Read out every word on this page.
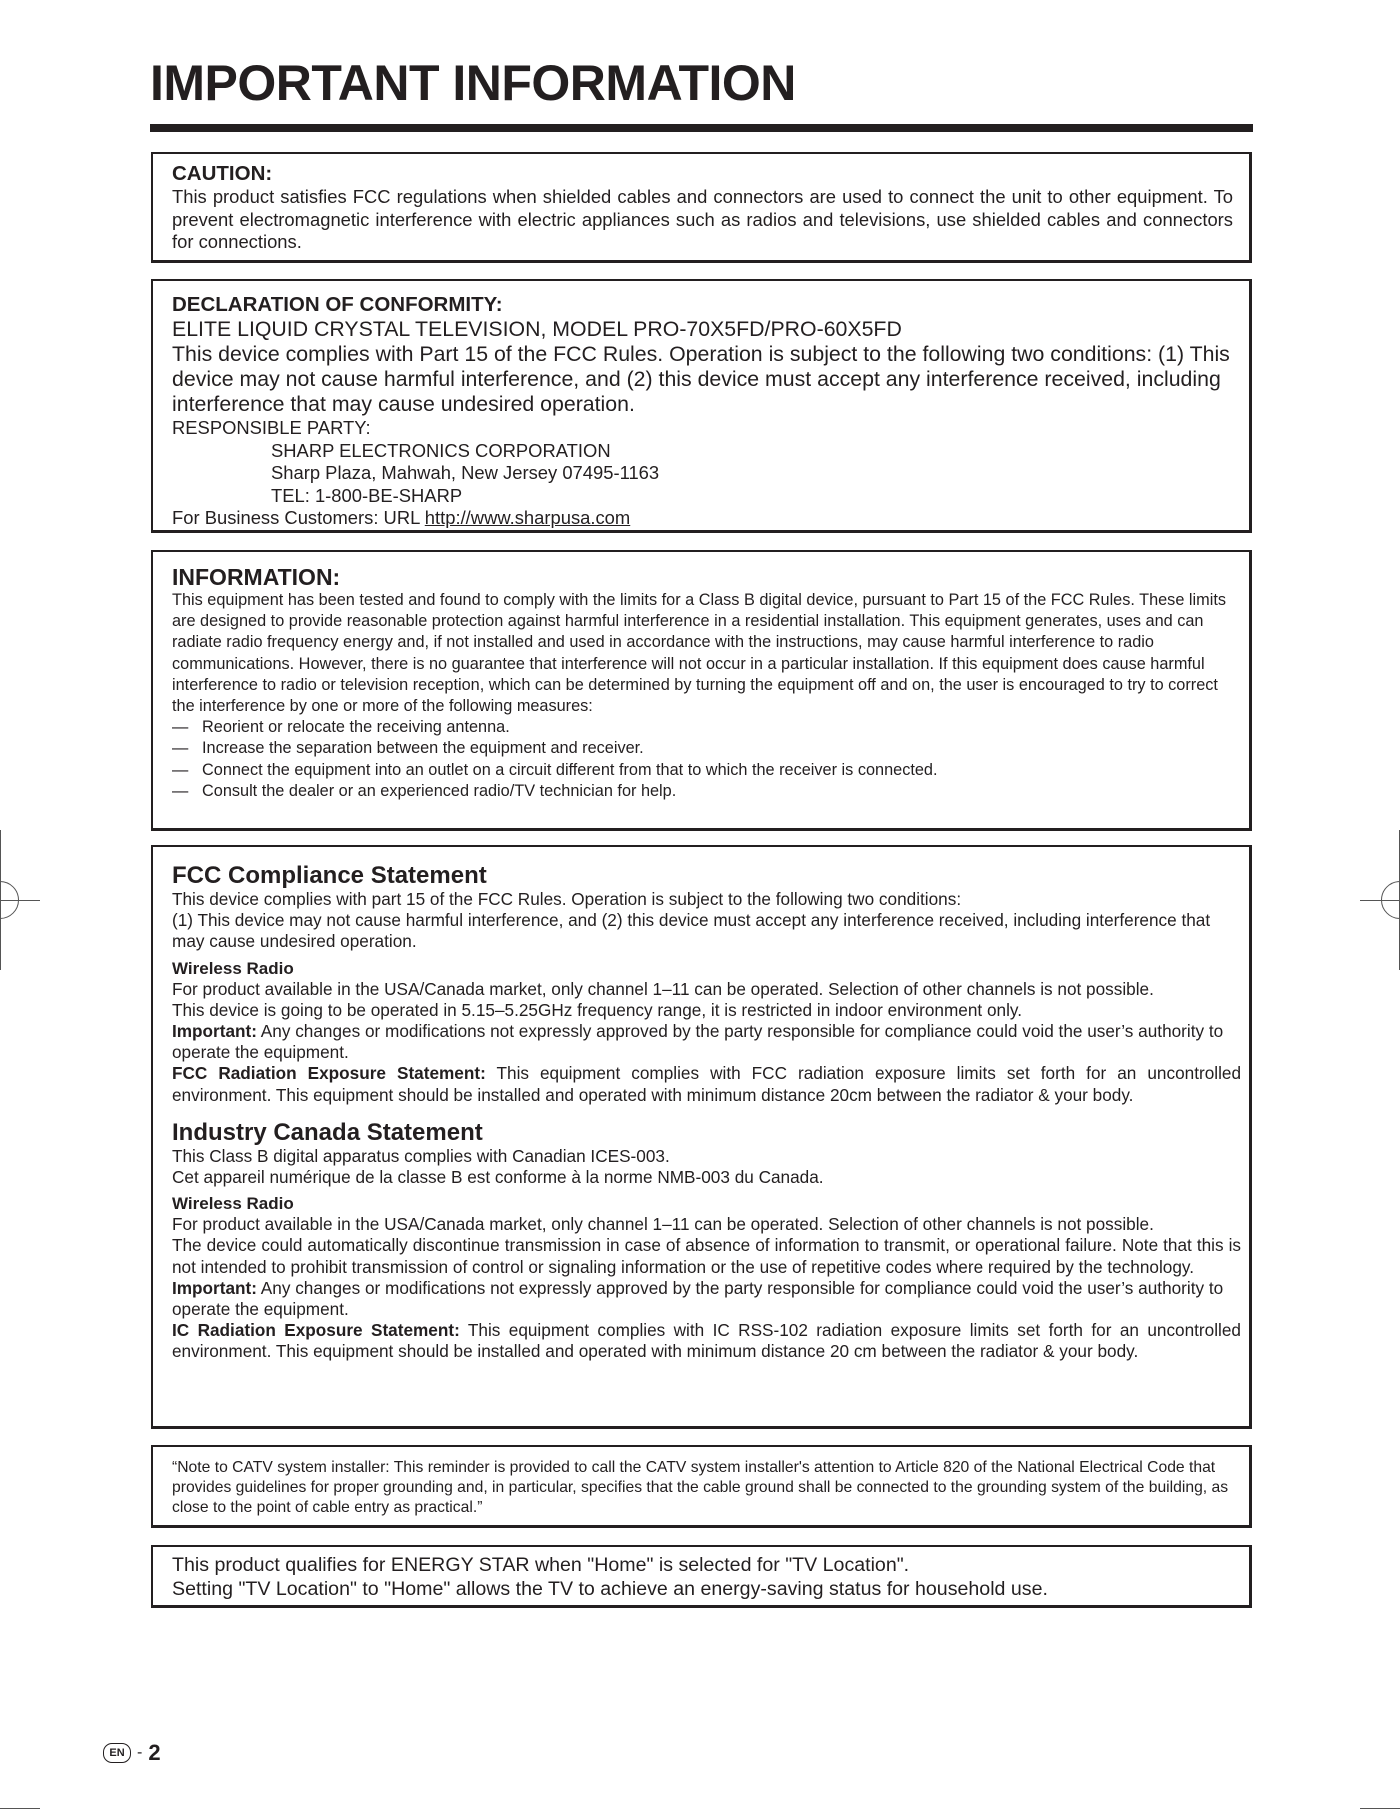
IMPORTANT INFORMATION

CAUTION:

This product satisfies FCC regulations when shielded cables and connectors are used to connect the unit to other equipment. To prevent electromagnetic interference with electric appliances such as radios and televisions, use shielded cables and connectors for connections.

DECLARATION OF CONFORMITY:

ELITE LIQUID CRYSTAL TELEVISION, MODEL PRO-70X5FD/PRO-60X5FD

This device complies with Part 15 of the FCC Rules. Operation is subject to the following two conditions: (1) This device may not cause harmful interference, and (2) this device must accept any interference received, including interference that may cause undesired operation.

RESPONSIBLE PARTY:

SHARP ELECTRONICS CORPORATION

Sharp Plaza, Mahwah, New Jersey 07495-1163

TEL: 1-800-BE-SHARP

For Business Customers: URL http://www.sharpusa.com

INFORMATION:

This equipment has been tested and found to comply with the limits for a Class B digital device, pursuant to Part 15 of the FCC Rules. These limits are designed to provide reasonable protection against harmful interference in a residential installation. This equipment generates, uses and can radiate radio frequency energy and, if not installed and used in accordance with the instructions, may cause harmful interference to radio communications. However, there is no guarantee that interference will not occur in a particular installation. If this equipment does cause harmful interference to radio or television reception, which can be determined by turning the equipment off and on, the user is encouraged to try to correct the interference by one or more of the following measures:

— Reorient or relocate the receiving antenna.

— Increase the separation between the equipment and receiver.

— Connect the equipment into an outlet on a circuit different from that to which the receiver is connected.

— Consult the dealer or an experienced radio/TV technician for help.

FCC Compliance Statement

This device complies with part 15 of the FCC Rules. Operation is subject to the following two conditions:

(1) This device may not cause harmful interference, and (2) this device must accept any interference received, including interference that may cause undesired operation.

Wireless Radio

For product available in the USA/Canada market, only channel 1–11 can be operated. Selection of other channels is not possible.

This device is going to be operated in 5.15–5.25GHz frequency range, it is restricted in indoor environment only.

Important: Any changes or modifications not expressly approved by the party responsible for compliance could void the user’s authority to operate the equipment.

FCC Radiation Exposure Statement: This equipment complies with FCC radiation exposure limits set forth for an uncontrolled environment. This equipment should be installed and operated with minimum distance 20cm between the radiator & your body.

Industry Canada Statement

This Class B digital apparatus complies with Canadian ICES-003.

Cet appareil numérique de la classe B est conforme à la norme NMB-003 du Canada.

Wireless Radio

For product available in the USA/Canada market, only channel 1–11 can be operated. Selection of other channels is not possible.

The device could automatically discontinue transmission in case of absence of information to transmit, or operational failure. Note that this is not intended to prohibit transmission of control or signaling information or the use of repetitive codes where required by the technology.

Important: Any changes or modifications not expressly approved by the party responsible for compliance could void the user’s authority to operate the equipment.

IC Radiation Exposure Statement: This equipment complies with IC RSS-102 radiation exposure limits set forth for an uncontrolled environment. This equipment should be installed and operated with minimum distance 20 cm between the radiator & your body.

“Note to CATV system installer: This reminder is provided to call the CATV system installer's attention to Article 820 of the National Electrical Code that provides guidelines for proper grounding and, in particular, specifies that the cable ground shall be connected to the grounding system of the building, as close to the point of cable entry as practical.”

This product qualifies for ENERGY STAR when "Home" is selected for "TV Location".

Setting "TV Location" to "Home" allows the TV to achieve an energy-saving status for household use.

EN - 2
